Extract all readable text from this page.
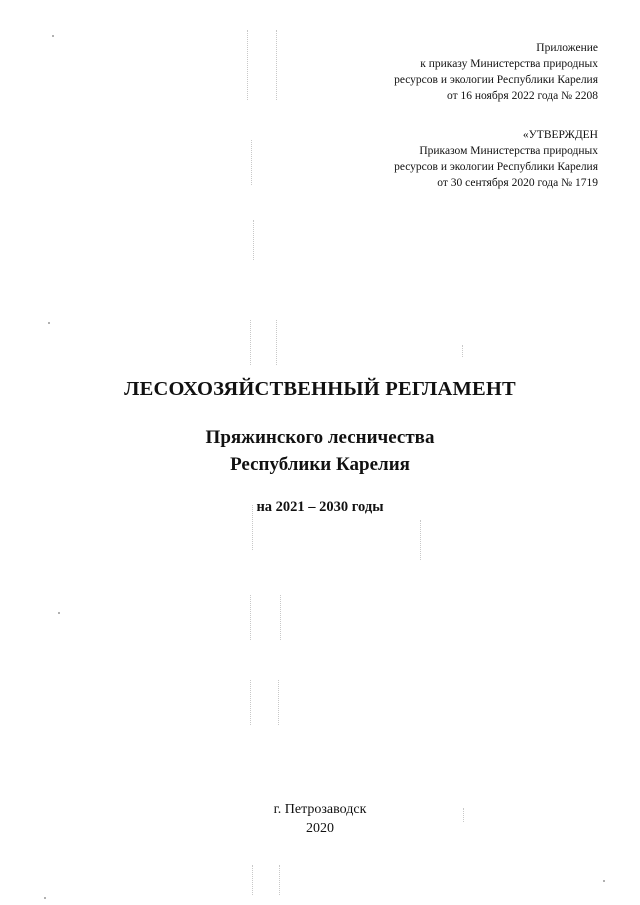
Приложение
к приказу Министерства природных
ресурсов и экологии Республики Карелия
от 16 ноября 2022 года № 2208
«УТВЕРЖДЕН
Приказом Министерства природных
ресурсов и экологии Республики Карелия
от 30 сентября 2020 года № 1719
ЛЕСОХОЗЯЙСТВЕННЫЙ РЕГЛАМЕНТ
Пряжинского лесничества
Республики Карелия
на 2021 – 2030 годы
г. Петрозаводск
2020
